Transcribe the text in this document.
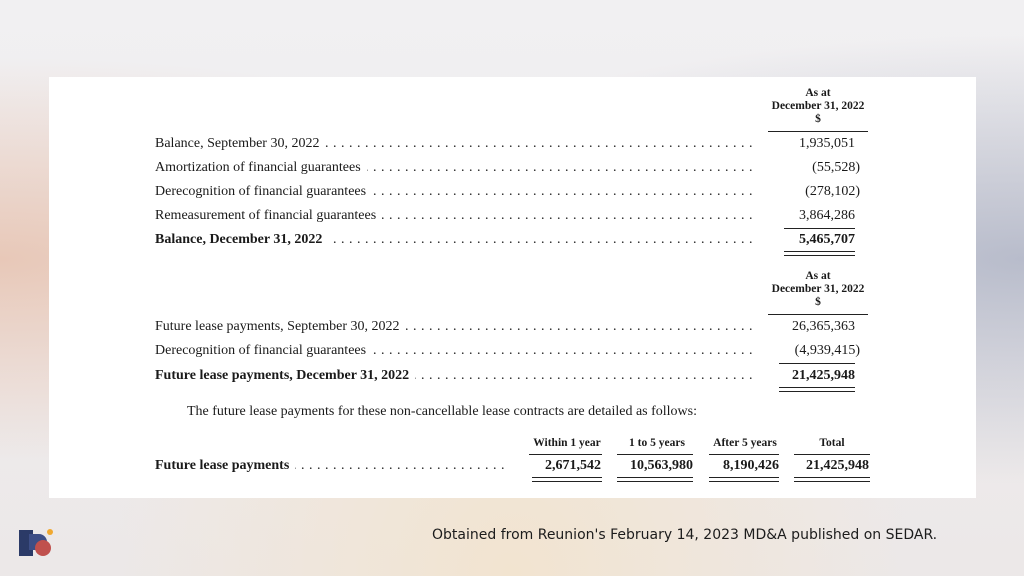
As at
December 31, 2022
$
Balance, September 30, 2022 . . .	1,935,051
Amortization of financial guarantees . . .	(55,528)
Derecognition of financial guarantees . . .	(278,102)
Remeasurement of financial guarantees . . .	3,864,286
Balance, December 31, 2022 . . .	5,465,707
As at
December 31, 2022
$
Future lease payments, September 30, 2022 . . .	26,365,363
Derecognition of financial guarantees . . .	(4,939,415)
Future lease payments, December 31, 2022 . . .	21,425,948
The future lease payments for these non-cancellable lease contracts are detailed as follows:
Within 1 year	1 to 5 years	After 5 years	Total
Future lease payments . . .	2,671,542	10,563,980	8,190,426	21,425,948
Obtained from Reunion's February 14, 2023 MD&A published on SEDAR.
